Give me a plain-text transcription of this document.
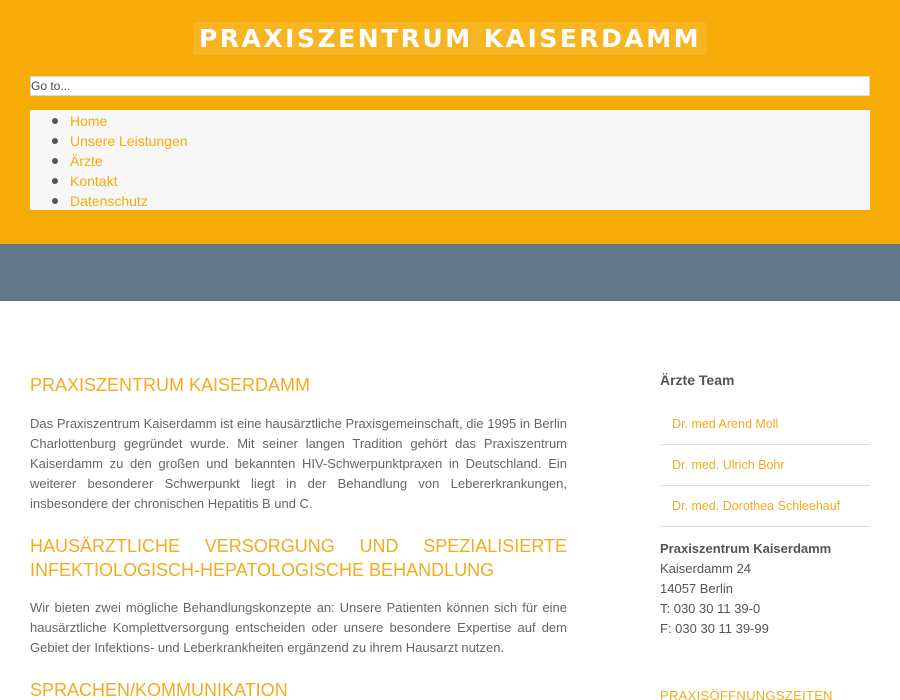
PRAXISZENTRUM KAISERDAMM
Go to...
Home
Unsere Leistungen
Ärzte
Kontakt
Datenschutz
PRAXISZENTRUM KAISERDAMM

Das Praxiszentrum Kaiserdamm ist eine hausärztliche Praxisgemeinschaft, die 1995 in Berlin Charlottenburg gegründet wurde. Mit seiner langen Tradition gehört das Praxiszentrum Kaiserdamm zu den großen und bekannten HIV-Schwerpunktpraxen in Deutschland. Ein weiterer besonderer Schwerpunkt liegt in der Behandlung von Lebererkrankungen, insbesondere der chronischen Hepatitis B und C.

HAUSÄRZTLICHE VERSORGUNG UND SPEZIALISIERTE INFEKTIOLOGISCH-HEPATOLOGISCHE BEHANDLUNG

Wir bieten zwei mögliche Behandlungskonzepte an: Unsere Patienten können sich für eine hausärztliche Komplettversorgung entscheiden oder unsere besondere Expertise auf dem Gebiet der Infektions- und Leberkrankheiten ergänzend zu ihrem Hausarzt nutzen.

SPRACHEN/KOMMUNIKATION
Ärzte Team
Dr. med Arend Moll
Dr. med. Ulrich Bohr
Dr. med. Dorothea Schleehauf
Praxiszentrum Kaiserdamm
Kaiserdamm 24
14057 Berlin
T: 030 30 11 39-0
F: 030 30 11 39-99
PRAXISÖFFNUNGSZEITEN
